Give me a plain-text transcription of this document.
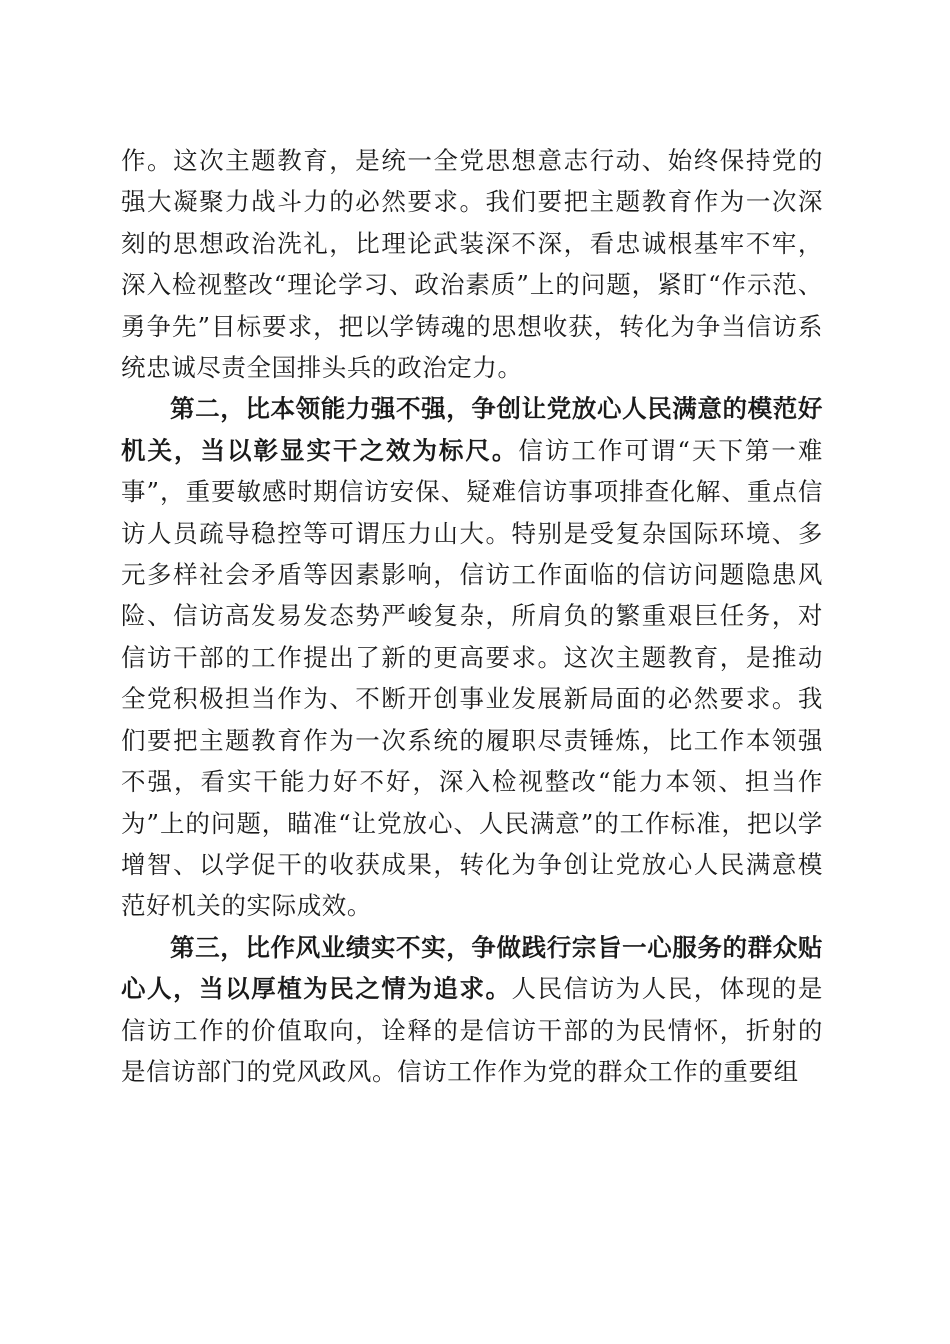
作。这次主题教育，是统一全党思想意志行动、始终保持党的强大凝聚力战斗力的必然要求。我们要把主题教育作为一次深刻的思想政治洗礼，比理论武装深不深，看忠诚根基牢不牢，深入检视整改“理论学习、政治素质”上的问题，紧盯“作示范、勇争先”目标要求，把以学铸魂的思想收获，转化为争当信访系统忠诚尽责全国排头兵的政治定力。

第二，比本领能力强不强，争创让党放心人民满意的模范好机关，当以彰显实干之效为标尺。信访工作可谓“天下第一难事”，重要敏感时期信访安保、疑难信访事项排查化解、重点信访人员疏导稳控等可谓压力山大。特别是受复杂国际环境、多元多样社会矛盾等因素影响，信访工作面临的信访问题隐患风险、信访高发易发态势严峻复杂，所肩负的繁重艰巨任务，对信访干部的工作提出了新的更高要求。这次主题教育，是推动全党积极担当作为、不断开创事业发展新局面的必然要求。我们要把主题教育作为一次系统的履职尽责锤炼，比工作本领强不强，看实干能力好不好，深入检视整改“能力本领、担当作为”上的问题，瞄准“让党放心、人民满意”的工作标准，把以学增智、以学促干的收获成果，转化为争创让党放心人民满意模范好机关的实际成效。

第三，比作风业绩实不实，争做践行宗旨一心服务的群众贴心人，当以厚植为民之情为追求。人民信访为人民，体现的是信访工作的价值取向，诠释的是信访干部的为民情怀，折射的是信访部门的党风政风。信访工作作为党的群众工作的重要组
